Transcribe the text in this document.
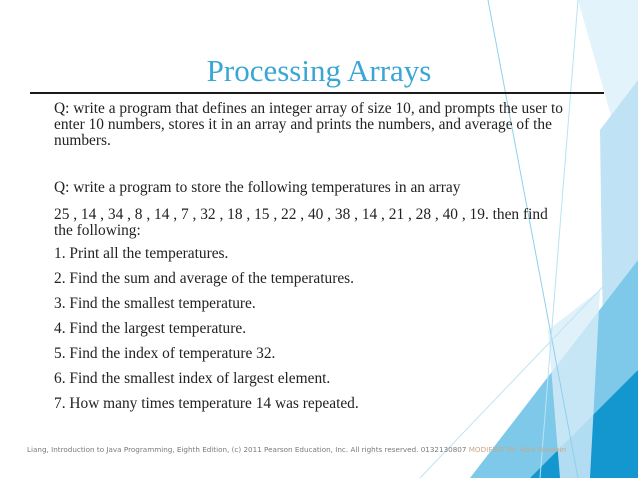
Processing Arrays
Q: write a program that defines an integer array of size 10, and prompts the user to
enter 10 numbers, stores it in an array and prints the numbers, and average of the
numbers.
Q: write a program to store the following temperatures in an array
25 , 14 , 34 , 8 , 14 , 7 , 32 , 18 , 15 , 22 , 40 , 38 , 14 , 21 , 28 , 40 , 19. then find
the following:
1. Print all the temperatures.
2. Find the sum and average of the temperatures.
3. Find the smallest temperature.
4. Find the largest temperature.
5. Find the index of temperature 32.
6. Find the smallest index of largest element.
7. How many times temperature 14 was repeated.
Liang, Introduction to Java Programming, Eighth Edition, (c) 2011 Pearson Education, Inc. All rights reserved. 0132130807 MODIFIED BY: Abla Hussein
